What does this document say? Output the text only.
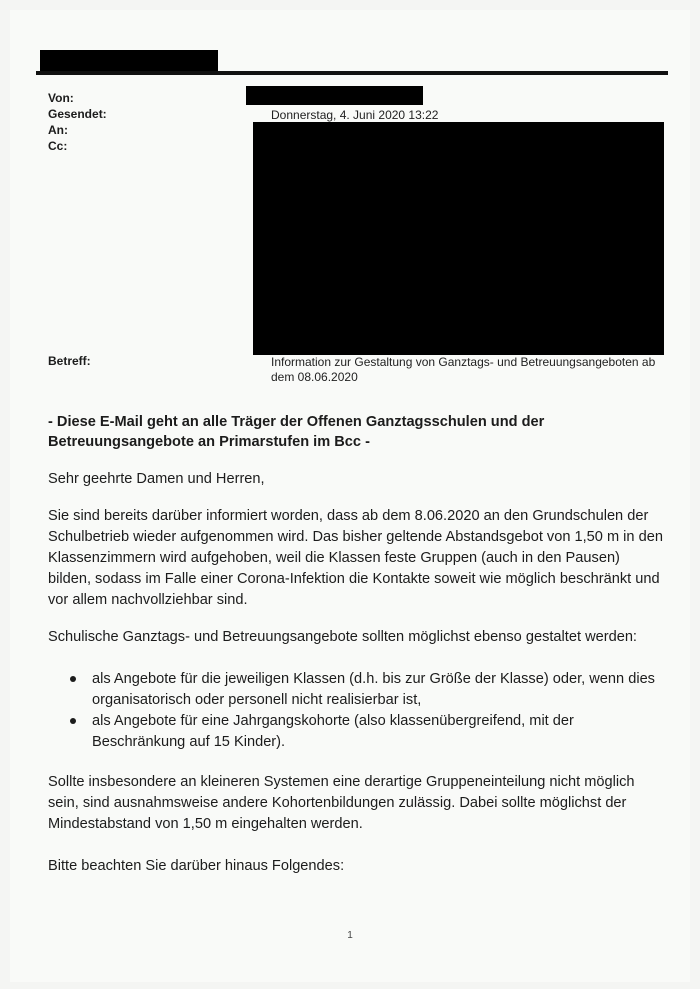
Von:
Gesendet:
An:
Cc:
Betreff:
Donnerstag, 4. Juni 2020 13:22
Information zur Gestaltung von Ganztags- und Betreuungsangeboten ab dem 08.06.2020
- Diese E-Mail geht an alle Träger der Offenen Ganztagsschulen und der Betreuungsangebote an Primarstufen im Bcc -
Sehr geehrte Damen und Herren,
Sie sind bereits darüber informiert worden, dass ab dem 8.06.2020 an den Grundschulen der Schulbetrieb wieder aufgenommen wird. Das bisher geltende Abstandsgebot von 1,50 m in den Klassenzimmern wird aufgehoben, weil die Klassen feste Gruppen (auch in den Pausen) bilden, sodass im Falle einer Corona-Infektion die Kontakte soweit wie möglich beschränkt und vor allem nachvollziehbar sind.
Schulische Ganztags- und Betreuungsangebote sollten möglichst ebenso gestaltet werden:
als Angebote für die jeweiligen Klassen (d.h. bis zur Größe der Klasse) oder, wenn dies organisatorisch oder personell nicht realisierbar ist,
als Angebote für eine Jahrgangskohorte (also klassenübergreifend, mit der Beschränkung auf 15 Kinder).
Sollte insbesondere an kleineren Systemen eine derartige Gruppeneinteilung nicht möglich sein, sind ausnahmsweise andere Kohortenbildungen zulässig. Dabei sollte möglichst der Mindestabstand von 1,50 m eingehalten werden.
Bitte beachten Sie darüber hinaus Folgendes:
1
